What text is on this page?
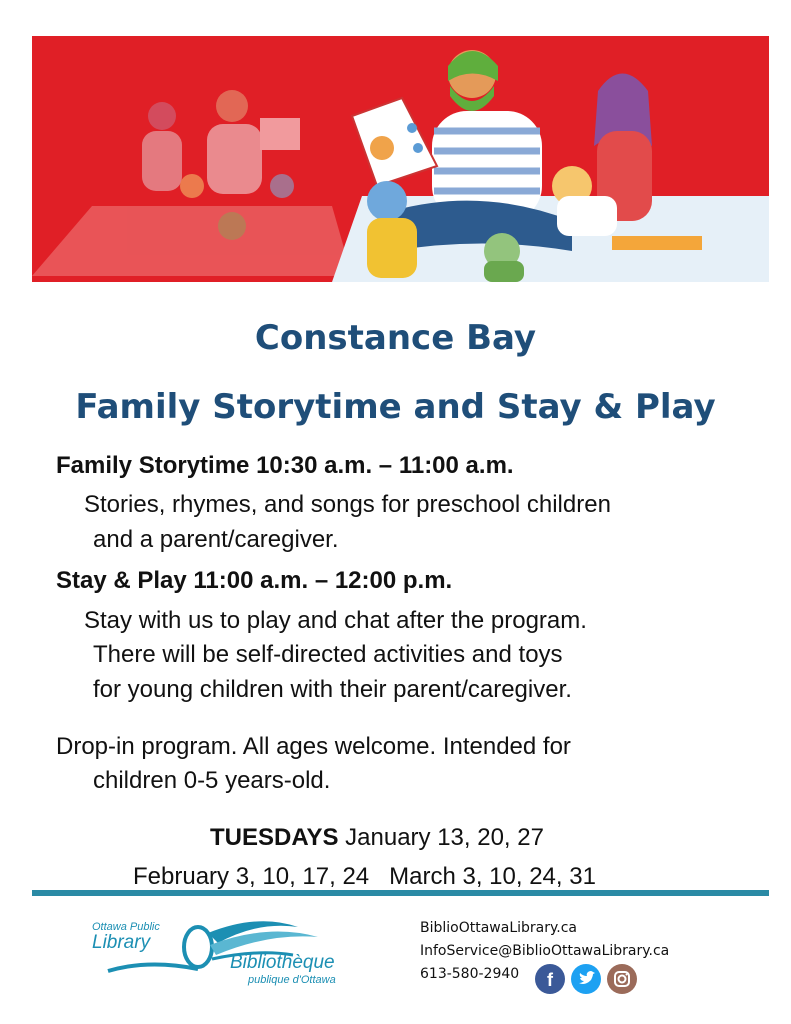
Constance Bay
Family Storytime and Stay & Play
Family Storytime 10:30 a.m. – 11:00 a.m.
Stories, rhymes, and songs for preschool children
and a parent/caregiver.
Stay & Play 11:00 a.m. – 12:00 p.m.
Stay with us to play and chat after the program.
There will be self-directed activities and toys
for young children with their parent/caregiver.
Drop-in program. All ages welcome. Intended for
children 0-5 years-old.
TUESDAYS January 13, 20, 27
February 3, 10, 17, 24   March 3, 10, 24, 31
Ottawa Public
Library
Bibliothèque
publique d'Ottawa
BiblioOttawaLibrary.ca
InfoService@BiblioOttawaLibrary.ca
613-580-2940 f
